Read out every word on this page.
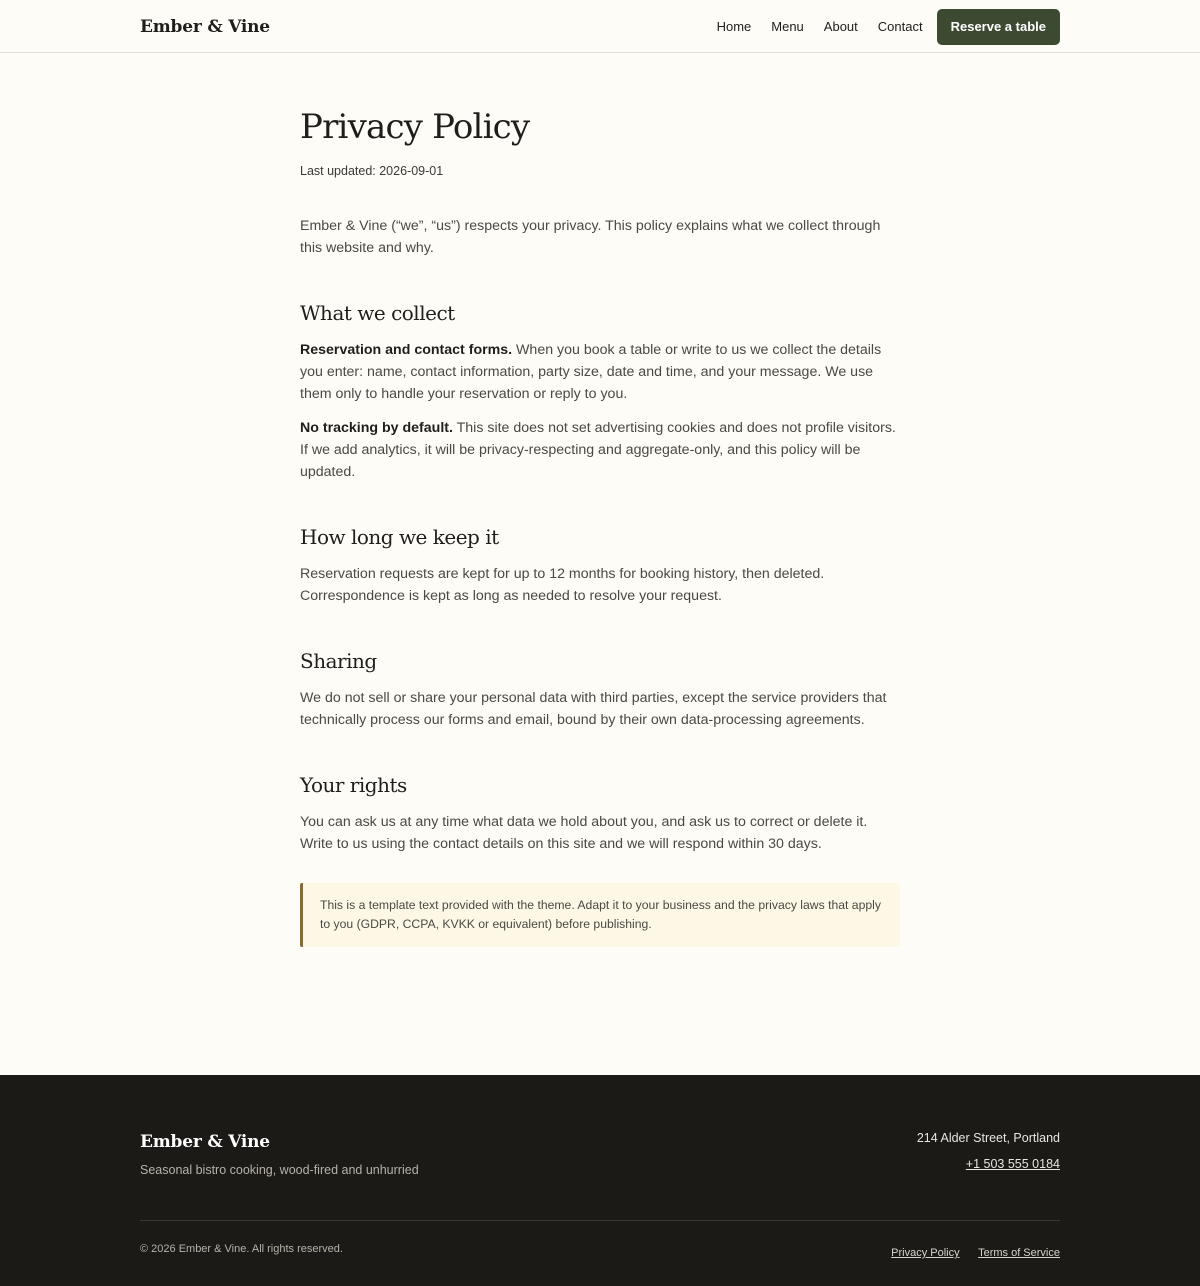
Ember & Vine	Home Menu About Contact	Reserve a table
Privacy Policy
Last updated: 2026-09-01

Ember & Vine (“we”, “us”) respects your privacy. This policy explains what we collect through this website and why.

What we collect

Reservation and contact forms. When you book a table or write to us we collect the details you enter: name, contact information, party size, date and time, and your message. We use them only to handle your reservation or reply to you.

No tracking by default. This site does not set advertising cookies and does not profile visitors. If we add analytics, it will be privacy-respecting and aggregate-only, and this policy will be updated.

How long we keep it

Reservation requests are kept for up to 12 months for booking history, then deleted. Correspondence is kept as long as needed to resolve your request.

Sharing

We do not sell or share your personal data with third parties, except the service providers that technically process our forms and email, bound by their own data-processing agreements.

Your rights

You can ask us at any time what data we hold about you, and ask us to correct or delete it. Write to us using the contact details on this site and we will respond within 30 days.

This is a template text provided with the theme. Adapt it to your business and the privacy laws that apply to you (GDPR, CCPA, KVKK or equivalent) before publishing.

Ember & Vine
Seasonal bistro cooking, wood-fired and unhurried
214 Alder Street, Portland
+1 503 555 0184
© 2026 Ember & Vine. All rights reserved.	Privacy Policy Terms of Service
